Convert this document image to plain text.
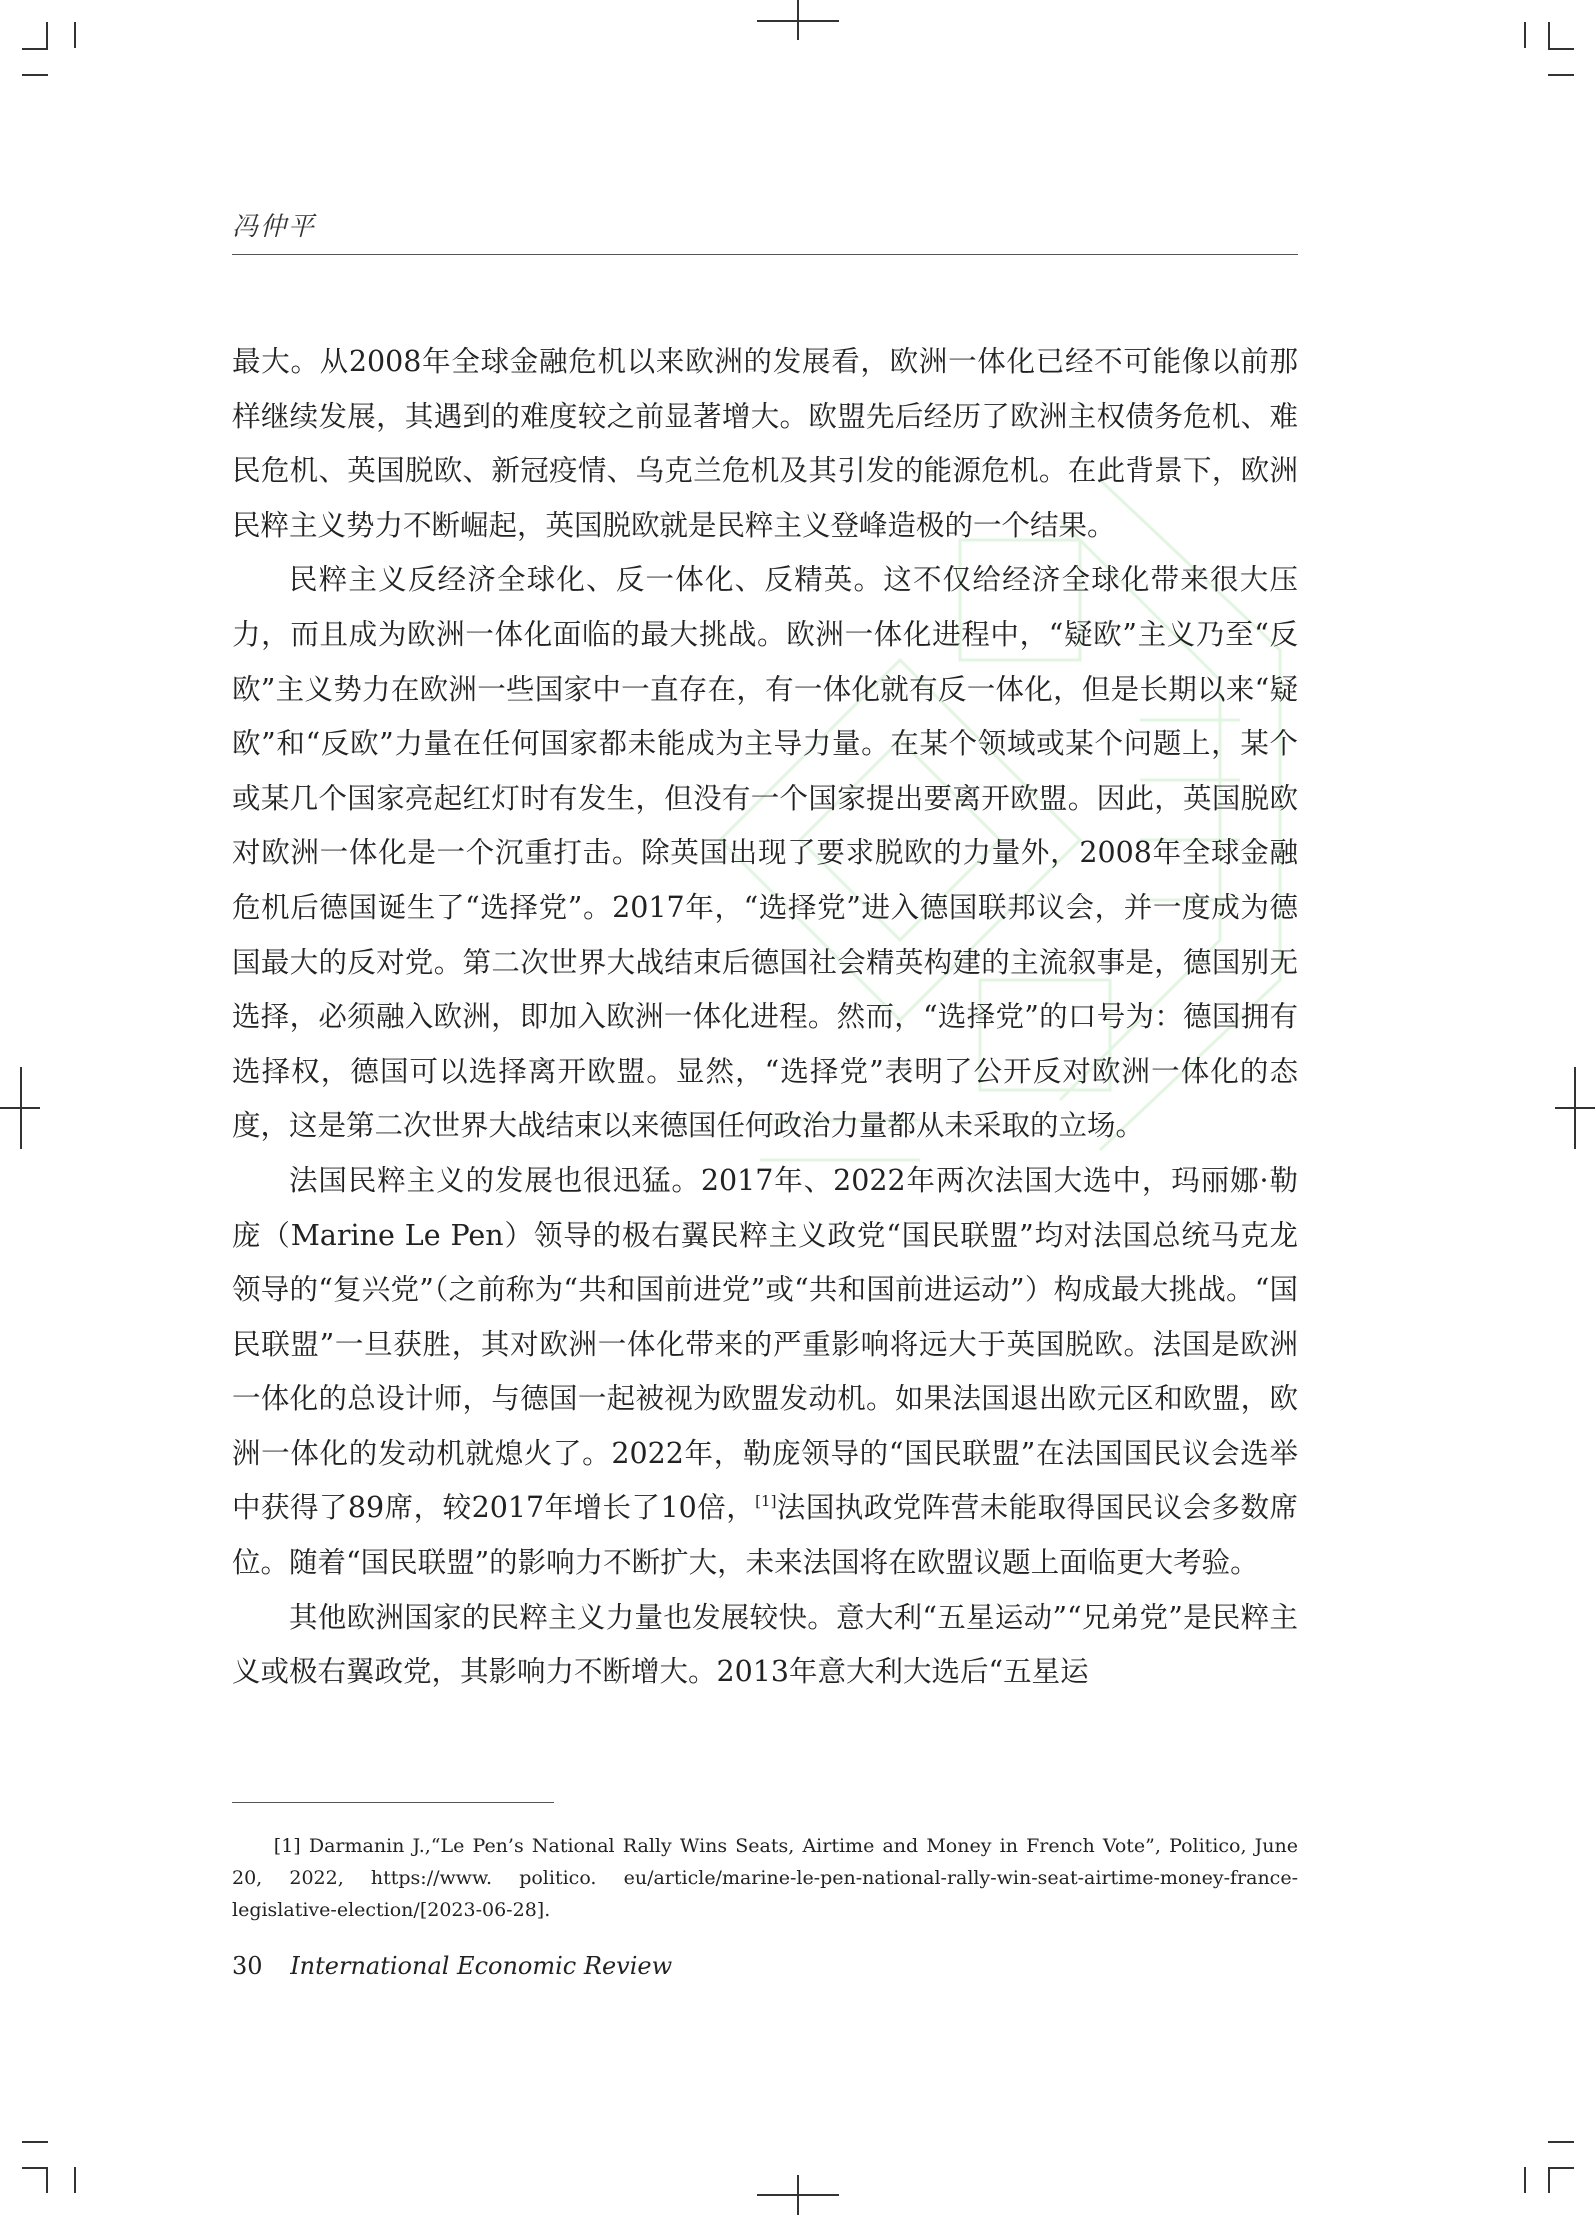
冯仲平

最大。从2008年全球金融危机以来欧洲的发展看，欧洲一体化已经不可能像以前那样继续发展，其遇到的难度较之前显著增大。欧盟先后经历了欧洲主权债务危机、难民危机、英国脱欧、新冠疫情、乌克兰危机及其引发的能源危机。在此背景下，欧洲民粹主义势力不断崛起，英国脱欧就是民粹主义登峰造极的一个结果。

民粹主义反经济全球化、反一体化、反精英。这不仅给经济全球化带来很大压力，而且成为欧洲一体化面临的最大挑战。欧洲一体化进程中，“疑欧”主义乃至“反欧”主义势力在欧洲一些国家中一直存在，有一体化就有反一体化，但是长期以来“疑欧”和“反欧”力量在任何国家都未能成为主导力量。在某个领域或某个问题上，某个或某几个国家亮起红灯时有发生，但没有一个国家提出要离开欧盟。因此，英国脱欧对欧洲一体化是一个沉重打击。除英国出现了要求脱欧的力量外，2008年全球金融危机后德国诞生了“选择党”。2017年，“选择党”进入德国联邦议会，并一度成为德国最大的反对党。第二次世界大战结束后德国社会精英构建的主流叙事是，德国别无选择，必须融入欧洲，即加入欧洲一体化进程。然而，“选择党”的口号为：德国拥有选择权，德国可以选择离开欧盟。显然，“选择党”表明了公开反对欧洲一体化的态度，这是第二次世界大战结束以来德国任何政治力量都从未采取的立场。

法国民粹主义的发展也很迅猛。2017年、2022年两次法国大选中，玛丽娜·勒庞（Marine Le Pen）领导的极右翼民粹主义政党“国民联盟”均对法国总统马克龙领导的“复兴党”（之前称为“共和国前进党”或“共和国前进运动”）构成最大挑战。“国民联盟”一旦获胜，其对欧洲一体化带来的严重影响将远大于英国脱欧。法国是欧洲一体化的总设计师，与德国一起被视为欧盟发动机。如果法国退出欧元区和欧盟，欧洲一体化的发动机就熄火了。2022年，勒庞领导的“国民联盟”在法国国民议会选举中获得了89席，较2017年增长了10倍，[1]法国执政党阵营未能取得国民议会多数席位。随着“国民联盟”的影响力不断扩大，未来法国将在欧盟议题上面临更大考验。

其他欧洲国家的民粹主义力量也发展较快。意大利“五星运动”“兄弟党”是民粹主义或极右翼政党，其影响力不断增大。2013年意大利大选后“五星运

[1] Darmanin J.,“Le Pen’s National Rally Wins Seats, Airtime and Money in French Vote”, Politico, June 20, 2022, https://www. politico. eu/article/marine-le-pen-national-rally-win-seat-airtime-money-france-legislative-election/[2023-06-28].
30 International Economic Review
